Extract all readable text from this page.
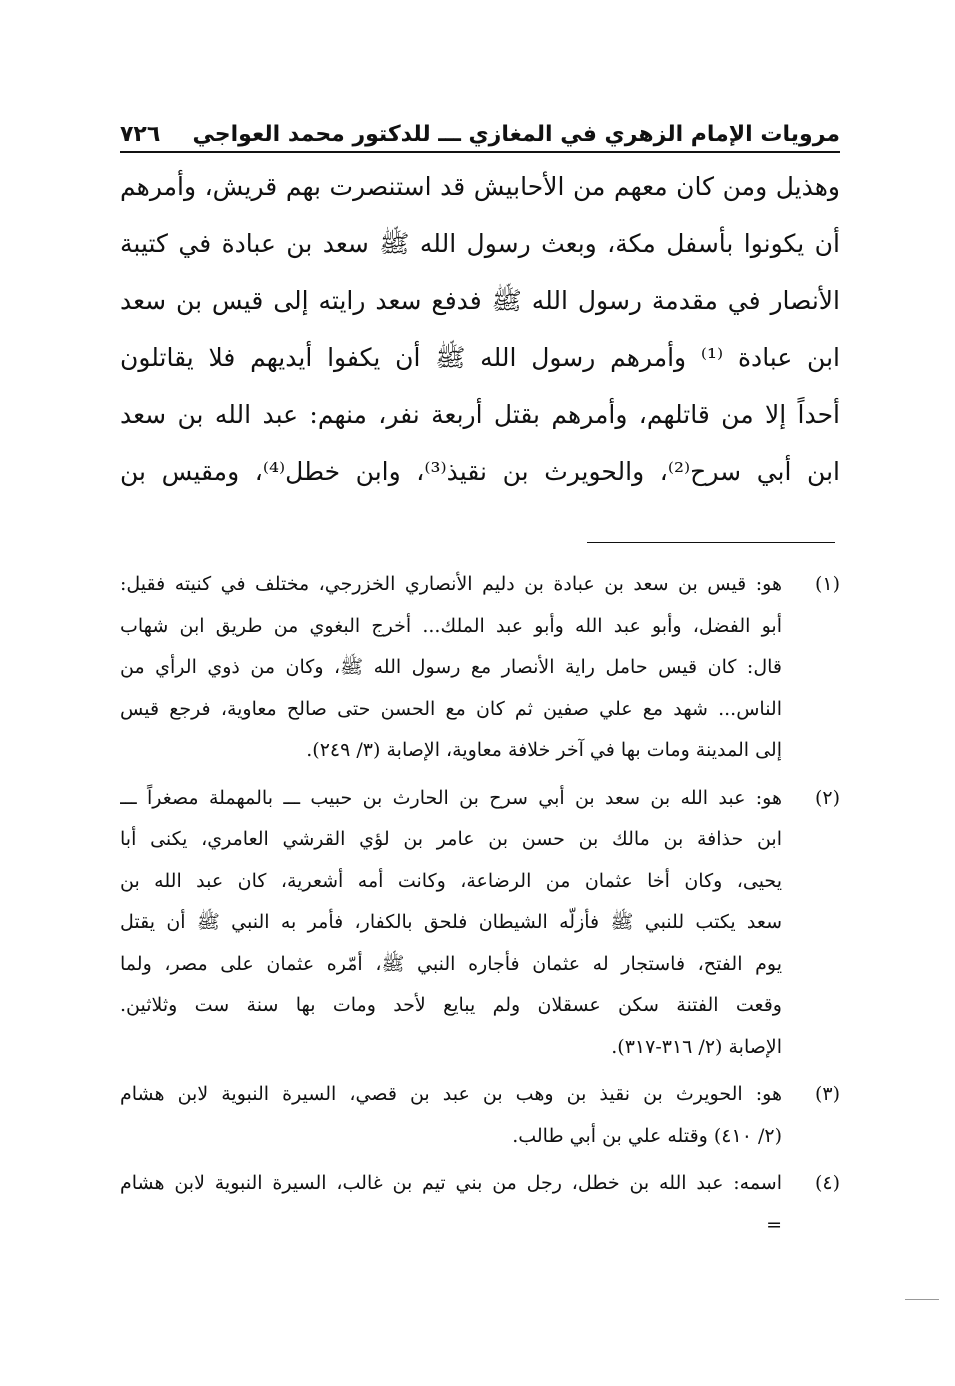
مرويات الإمام الزهري في المغازي ـــ للدكتور محمد العواجي
٧٢٦
وهذيل ومن كان معهم من الأحابيش قد استنصرت بهم قريش، وأمرهم
أن يكونوا بأسفل مكة، وبعث رسول الله ﷺ سعد بن عبادة في كتيبة
الأنصار في مقدمة رسول الله ﷺ فدفع سعد رايته إلى قيس بن سعد
ابن عبادة ⁽¹⁾ وأمرهم رسول الله ﷺ أن يكفوا أيديهم فلا يقاتلون
أحداً إلا من قاتلهم، وأمرهم بقتل أربعة نفر، منهم: عبد الله بن سعد
ابن أبي سرح⁽²⁾، والحويرث بن نقيذ⁽³⁾، وابن خطل⁽⁴⁾، ومقيس بن
(١)
هو: قيس بن سعد بن عبادة بن دليم الأنصاري الخزرجي، مختلف في كنيته فقيل:
أبو الفضل، وأبو عبد الله وأبو عبد الملك... أخرج البغوي من طريق ابن شهاب
قال: كان قيس حامل راية الأنصار مع رسول الله ﷺ، وكان من ذوي الرأي من
الناس... شهد مع علي صفين ثم كان مع الحسن حتى صالح معاوية، فرجع قيس
إلى المدينة ومات بها في آخر خلافة معاوية، الإصابة (٣/ ٢٤٩).
(٢)
هو: عبد الله بن سعد بن أبي سرح بن الحارث بن حبيب ـــ بالمهملة مصغراً ـــ
ابن حذافة بن مالك بن حسن بن عامر بن لؤي القرشي العامري، يكنى أبا
يحيى، وكان أخا عثمان من الرضاعة، وكانت أمه أشعرية، كان عبد الله بن
سعد يكتب للنبي ﷺ فأزلّه الشيطان فلحق بالكفار، فأمر به النبي ﷺ أن يقتل
يوم الفتح، فاستجار له عثمان فأجاره النبي ﷺ، أمّره عثمان على مصر، ولما
وقعت الفتنة سكن عسقلان ولم يبايع لأحد ومات بها سنة ست وثلاثين.
الإصابة (٢/ ٣١٦-٣١٧).
(٣)
هو: الحويرث بن نقيذ بن وهب بن عبد بن قصي، السيرة النبوية لابن هشام
(٢/ ٤١٠) وقتله علي بن أبي طالب.
(٤)
اسمه: عبد الله بن خطل، رجل من بني تيم بن غالب، السيرة النبوية لابن هشام
=
